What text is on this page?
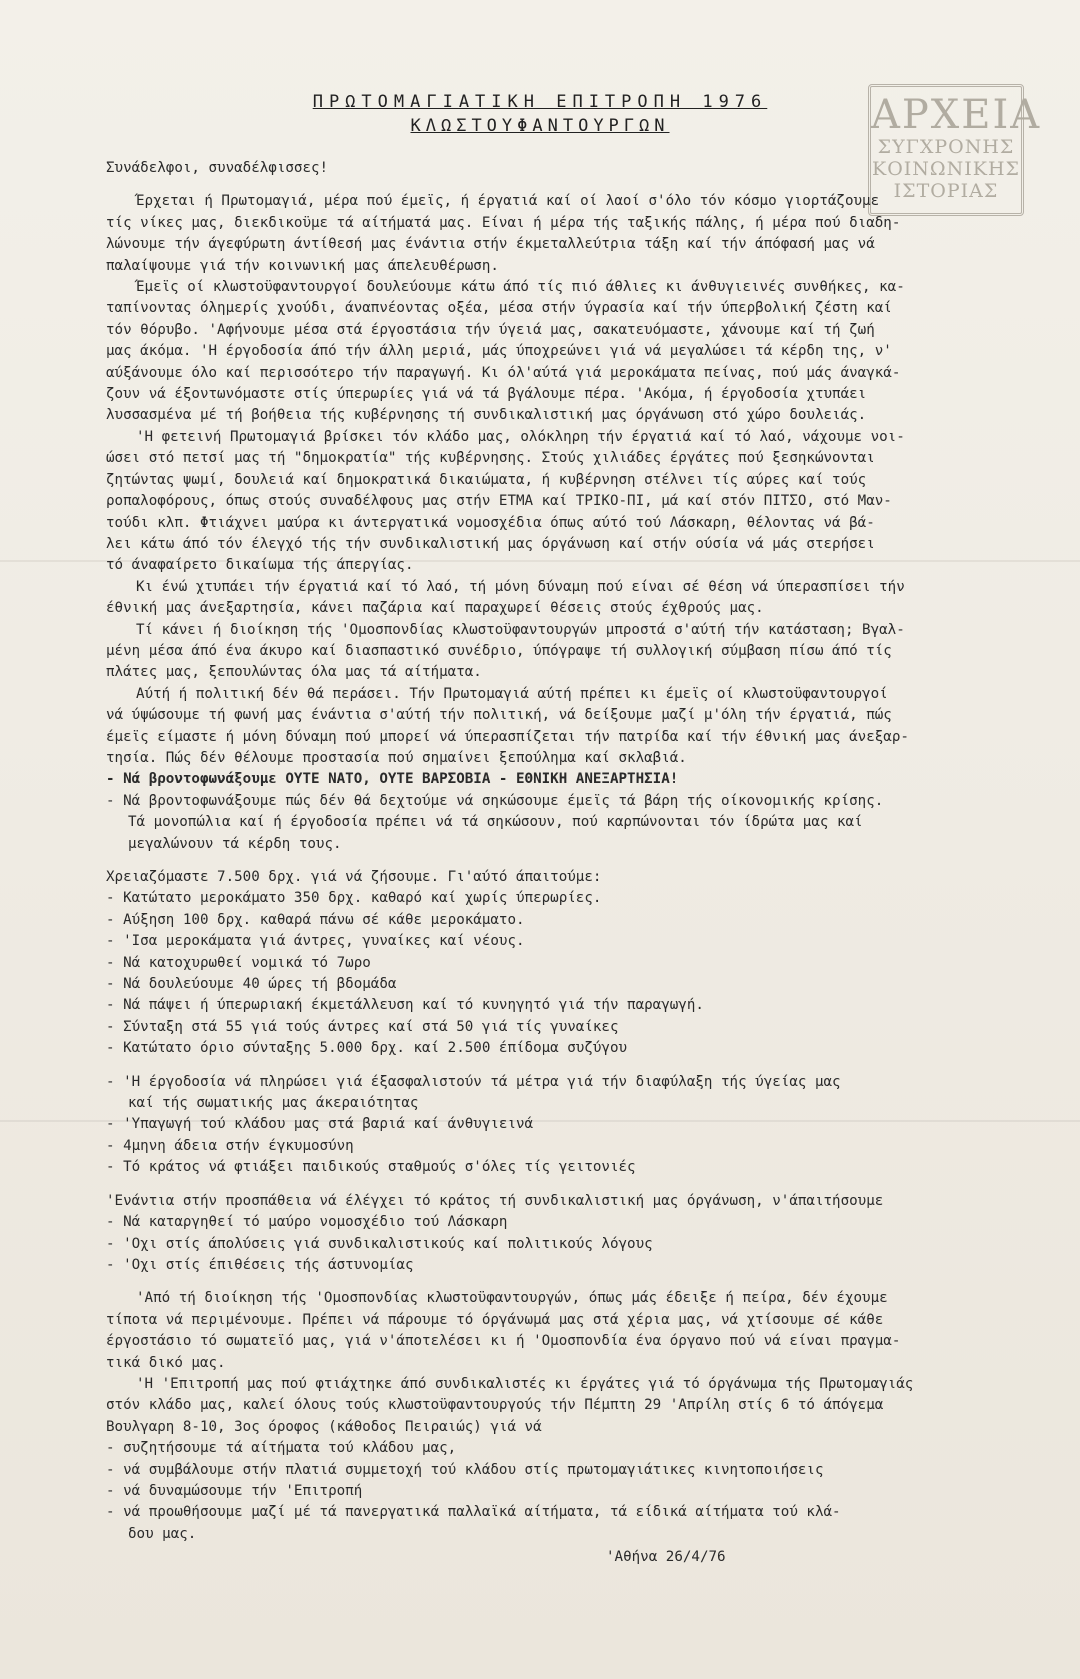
ΑΡΧΕΙΑ
ΣΥΓΧΡΟΝΗΣ
ΚΟΙΝΩΝΙΚΗΣ
ΙΣΤΟΡΙΑΣ
ΠΡΩΤΟΜΑΓΙΑΤΙΚΗ ΕΠΙΤΡΟΠΗ 1976
ΚΛΩΣΤΟΥΦΑΝΤΟΥΡΓΩΝ

Συνάδελφοι, συναδέλφισσες!

Έρχεται ή Πρωτομαγιά, μέρα πού έμεϊς, ή έργατιά καί οί λαοί σ'όλο τόν κόσμο γιορτάζουμε

τίς νίκες μας, διεκδικοϋμε τά αίτήματά μας. Είναι ή μέρα τής ταξικής πάλης, ή μέρα πού διαδη-

λώνουμε τήν άγεφύρωτη άντίθεσή μας ένάντια στήν έκμεταλλεύτρια τάξη καί τήν άπόφασή μας νά

παλαίψουμε γιά τήν κοινωνική μας άπελευθέρωση.

Έμεϊς οί κλωστοϋφαντουργοί δουλεύουμε κάτω άπό τίς πιό άθλιες κι άνθυγιεινές συνθήκες, κα-

ταπίνοντας όλημερίς χνούδι, άναπνέοντας οξέα, μέσα στήν ύγρασία καί τήν ύπερβολική ζέστη καί

τόν θόρυβο. 'Αφήνουμε μέσα στά έργοστάσια τήν ύγειά μας, σακατευόμαστε, χάνουμε καί τή ζωή

μας άκόμα. 'Η έργοδοσία άπό τήν άλλη μεριά, μάς ύποχρεώνει γιά νά μεγαλώσει τά κέρδη της, ν'

αύξάνουμε όλο καί περισσότερο τήν παραγωγή. Κι όλ'αύτά γιά μεροκάματα πείνας, πού μάς άναγκά-

ζουν νά έξοντωνόμαστε στίς ύπερωρίες γιά νά τά βγάλουμε πέρα. 'Ακόμα, ή έργοδοσία χτυπάει

λυσσασμένα μέ τή βοήθεια τής κυβέρνησης τή συνδικαλιστική μας όργάνωση στό χώρο δουλειάς.

'Η φετεινή Πρωτομαγιά βρίσκει τόν κλάδο μας, ολόκληρη τήν έργατιά καί τό λαό, νάχουμε νοι-

ώσει στό πετσί μας τή "δημοκρατία" τής κυβέρνησης. Στούς χιλιάδες έργάτες πού ξεσηκώνονται

ζητώντας ψωμί, δουλειά καί δημοκρατικά δικαιώματα, ή κυβέρνηση στέλνει τίς αύρες καί τούς

ροπαλοφόρους, όπως στούς συναδέλφους μας στήν ΕΤΜΑ καί ΤΡΙΚΟ-ΠΙ, μά καί στόν ΠΙΤΣΟ, στό Μαν-

τούδι κλπ. Φτιάχνει μαύρα κι άντεργατικά νομοσχέδια όπως αύτό τού Λάσκαρη, θέλοντας νά βά-

λει κάτω άπό τόν έλεγχό τής τήν συνδικαλιστική μας όργάνωση καί στήν ούσία νά μάς στερήσει

τό άναφαίρετο δικαίωμα τής άπεργίας.

Κι ένώ χτυπάει τήν έργατιά καί τό λαό, τή μόνη δύναμη πού είναι σέ θέση νά ύπερασπίσει τήν

έθνική μας άνεξαρτησία, κάνει παζάρια καί παραχωρεί θέσεις στούς έχθρούς μας.

Τί κάνει ή διοίκηση τής 'Ομοσπονδίας κλωστοϋφαντουργών μπροστά σ'αύτή τήν κατάσταση; Βγαλ-

μένη μέσα άπό ένα άκυρο καί διασπαστικό συνέδριο, ύπόγραψε τή συλλογική σύμβαση πίσω άπό τίς

πλάτες μας, ξεπουλώντας όλα μας τά αίτήματα.

Αύτή ή πολιτική δέν θά περάσει. Τήν Πρωτομαγιά αύτή πρέπει κι έμεϊς οί κλωστοϋφαντουργοί

νά ύψώσουμε τή φωνή μας ένάντια σ'αύτή τήν πολιτική, νά δείξουμε μαζί μ'όλη τήν έργατιά, πώς

έμεϊς είμαστε ή μόνη δύναμη πού μπορεί νά ύπερασπίζεται τήν πατρίδα καί τήν έθνική μας άνεξαρ-

τησία. Πώς δέν θέλουμε προστασία πού σημαίνει ξεπούλημα καί σκλαβιά.

- Νά βροντοφωνάξουμε ΟΥΤΕ ΝΑΤΟ, ΟΥΤΕ ΒΑΡΣΟΒΙΑ - ΕΘΝΙΚΗ ΑΝΕΞΑΡΤΗΣΙΑ!

- Νά βροντοφωνάξουμε πώς δέν θά δεχτούμε νά σηκώσουμε έμεϊς τά βάρη τής οίκονομικής κρίσης.

Τά μονοπώλια καί ή έργοδοσία πρέπει νά τά σηκώσουν, πού καρπώνονται τόν ίδρώτα μας καί

μεγαλώνουν τά κέρδη τους.

Χρειαζόμαστε 7.500 δρχ. γιά νά ζήσουμε. Γι'αύτό άπαιτούμε:

- Κατώτατο μεροκάματο 350 δρχ. καθαρό καί χωρίς ύπερωρίες.

- Αύξηση 100 δρχ. καθαρά πάνω σέ κάθε μεροκάματο.

- 'Ισα μεροκάματα γιά άντρες, γυναίκες καί νέους.

- Νά κατοχυρωθεί νομικά τό 7ωρο

- Νά δουλεύουμε 40 ώρες τή βδομάδα

- Νά πάψει ή ύπερωριακή έκμετάλλευση καί τό κυνηγητό γιά τήν παραγωγή.

- Σύνταξη στά 55 γιά τούς άντρες καί στά 50 γιά τίς γυναίκες

- Κατώτατο όριο σύνταξης 5.000 δρχ. καί 2.500 έπίδομα συζύγου

- 'Η έργοδοσία νά πληρώσει γιά έξασφαλιστούν τά μέτρα γιά τήν διαφύλαξη τής ύγείας μας

καί τής σωματικής μας άκεραιότητας

- 'Υπαγωγή τού κλάδου μας στά βαριά καί άνθυγιεινά

- 4μηνη άδεια στήν έγκυμοσύνη

- Τό κράτος νά φτιάξει παιδικούς σταθμούς σ'όλες τίς γειτονιές

'Ενάντια στήν προσπάθεια νά έλέγχει τό κράτος τή συνδικαλιστική μας όργάνωση, ν'άπαιτήσουμε

- Νά καταργηθεί τό μαύρο νομοσχέδιο τού Λάσκαρη

- 'Οχι στίς άπολύσεις γιά συνδικαλιστικούς καί πολιτικούς λόγους

- 'Οχι στίς έπιθέσεις τής άστυνομίας

'Από τή διοίκηση τής 'Ομοσπονδίας κλωστοϋφαντουργών, όπως μάς έδειξε ή πείρα, δέν έχουμε

τίποτα νά περιμένουμε. Πρέπει νά πάρουμε τό όργάνωμά μας στά χέρια μας, νά χτίσουμε σέ κάθε

έργοστάσιο τό σωματεϊό μας, γιά ν'άποτελέσει κι ή 'Ομοσπονδία ένα όργανο πού νά είναι πραγμα-

τικά δικό μας.

'Η 'Επιτροπή μας πού φτιάχτηκε άπό συνδικαλιστές κι έργάτες γιά τό όργάνωμα τής Πρωτομαγιάς

στόν κλάδο μας, καλεί όλους τούς κλωστοϋφαντουργούς τήν Πέμπτη 29 'Απρίλη στίς 6 τό άπόγεμα

Βουλγαρη 8-10, 3ος όροφος (κάθοδος Πειραιώς) γιά νά

- συζητήσουμε τά αίτήματα τού κλάδου μας,

- νά συμβάλουμε στήν πλατιά συμμετοχή τού κλάδου στίς πρωτομαγιάτικες κινητοποιήσεις

- νά δυναμώσουμε τήν 'Επιτροπή

- νά προωθήσουμε μαζί μέ τά πανεργατικά παλλαϊκά αίτήματα, τά είδικά αίτήματα τού κλά-

δου μας.

'Αθήνα 26/4/76
